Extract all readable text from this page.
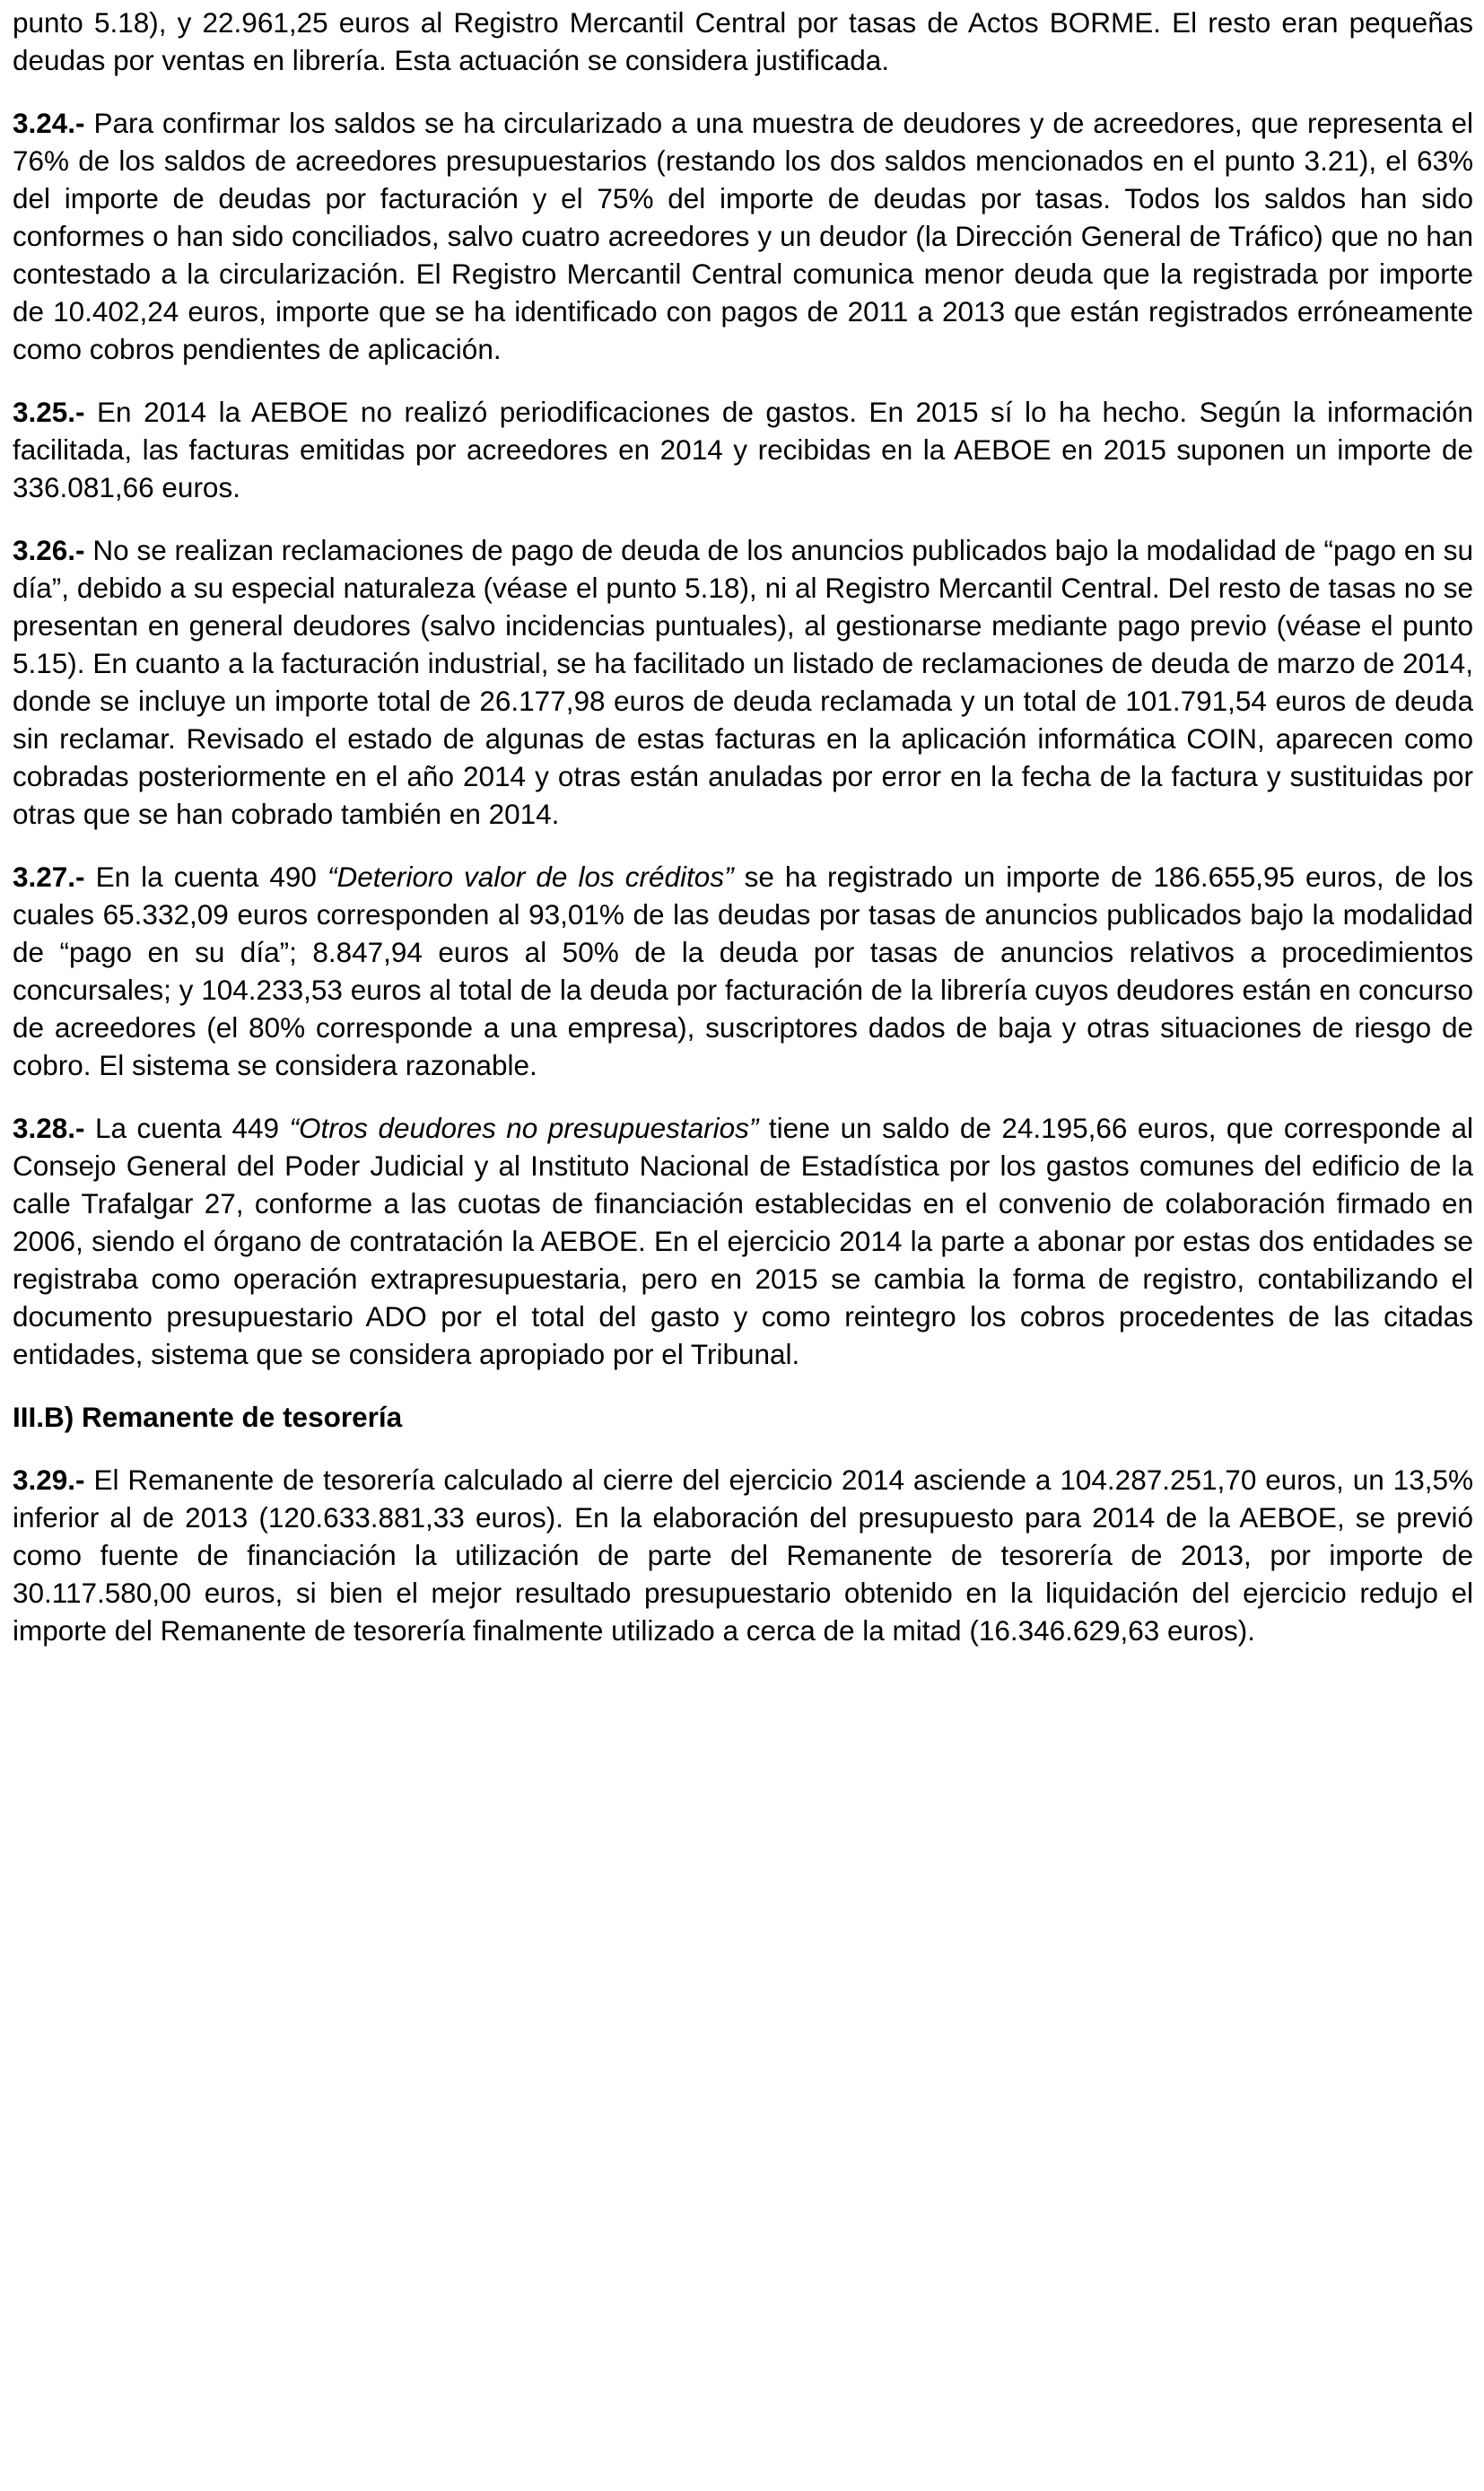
punto 5.18), y 22.961,25 euros al Registro Mercantil Central por tasas de Actos BORME. El resto eran pequeñas deudas por ventas en librería. Esta actuación se considera justificada.

3.24.- Para confirmar los saldos se ha circularizado a una muestra de deudores y de acreedores, que representa el 76% de los saldos de acreedores presupuestarios (restando los dos saldos mencionados en el punto 3.21), el 63% del importe de deudas por facturación y el 75% del importe de deudas por tasas. Todos los saldos han sido conformes o han sido conciliados, salvo cuatro acreedores y un deudor (la Dirección General de Tráfico) que no han contestado a la circularización. El Registro Mercantil Central comunica menor deuda que la registrada por importe de 10.402,24 euros, importe que se ha identificado con pagos de 2011 a 2013 que están registrados erróneamente como cobros pendientes de aplicación.

3.25.- En 2014 la AEBOE no realizó periodificaciones de gastos. En 2015 sí lo ha hecho. Según la información facilitada, las facturas emitidas por acreedores en 2014 y recibidas en la AEBOE en 2015 suponen un importe de 336.081,66 euros.

3.26.- No se realizan reclamaciones de pago de deuda de los anuncios publicados bajo la modalidad de “pago en su día”, debido a su especial naturaleza (véase el punto 5.18), ni al Registro Mercantil Central. Del resto de tasas no se presentan en general deudores (salvo incidencias puntuales), al gestionarse mediante pago previo (véase el punto 5.15). En cuanto a la facturación industrial, se ha facilitado un listado de reclamaciones de deuda de marzo de 2014, donde se incluye un importe total de 26.177,98 euros de deuda reclamada y un total de 101.791,54 euros de deuda sin reclamar. Revisado el estado de algunas de estas facturas en la aplicación informática COIN, aparecen como cobradas posteriormente en el año 2014 y otras están anuladas por error en la fecha de la factura y sustituidas por otras que se han cobrado también en 2014.

3.27.- En la cuenta 490 “Deterioro valor de los créditos” se ha registrado un importe de 186.655,95 euros, de los cuales 65.332,09 euros corresponden al 93,01% de las deudas por tasas de anuncios publicados bajo la modalidad de “pago en su día”; 8.847,94 euros al 50% de la deuda por tasas de anuncios relativos a procedimientos concursales; y 104.233,53 euros al total de la deuda por facturación de la librería cuyos deudores están en concurso de acreedores (el 80% corresponde a una empresa), suscriptores dados de baja y otras situaciones de riesgo de cobro. El sistema se considera razonable.

3.28.- La cuenta 449 “Otros deudores no presupuestarios” tiene un saldo de 24.195,66 euros, que corresponde al Consejo General del Poder Judicial y al Instituto Nacional de Estadística por los gastos comunes del edificio de la calle Trafalgar 27, conforme a las cuotas de financiación establecidas en el convenio de colaboración firmado en 2006, siendo el órgano de contratación la AEBOE. En el ejercicio 2014 la parte a abonar por estas dos entidades se registraba como operación extrapresupuestaria, pero en 2015 se cambia la forma de registro, contabilizando el documento presupuestario ADO por el total del gasto y como reintegro los cobros procedentes de las citadas entidades, sistema que se considera apropiado por el Tribunal.

III.B) Remanente de tesorería

3.29.- El Remanente de tesorería calculado al cierre del ejercicio 2014 asciende a 104.287.251,70 euros, un 13,5% inferior al de 2013 (120.633.881,33 euros). En la elaboración del presupuesto para 2014 de la AEBOE, se previó como fuente de financiación la utilización de parte del Remanente de tesorería de 2013, por importe de 30.117.580,00 euros, si bien el mejor resultado presupuestario obtenido en la liquidación del ejercicio redujo el importe del Remanente de tesorería finalmente utilizado a cerca de la mitad (16.346.629,63 euros).
